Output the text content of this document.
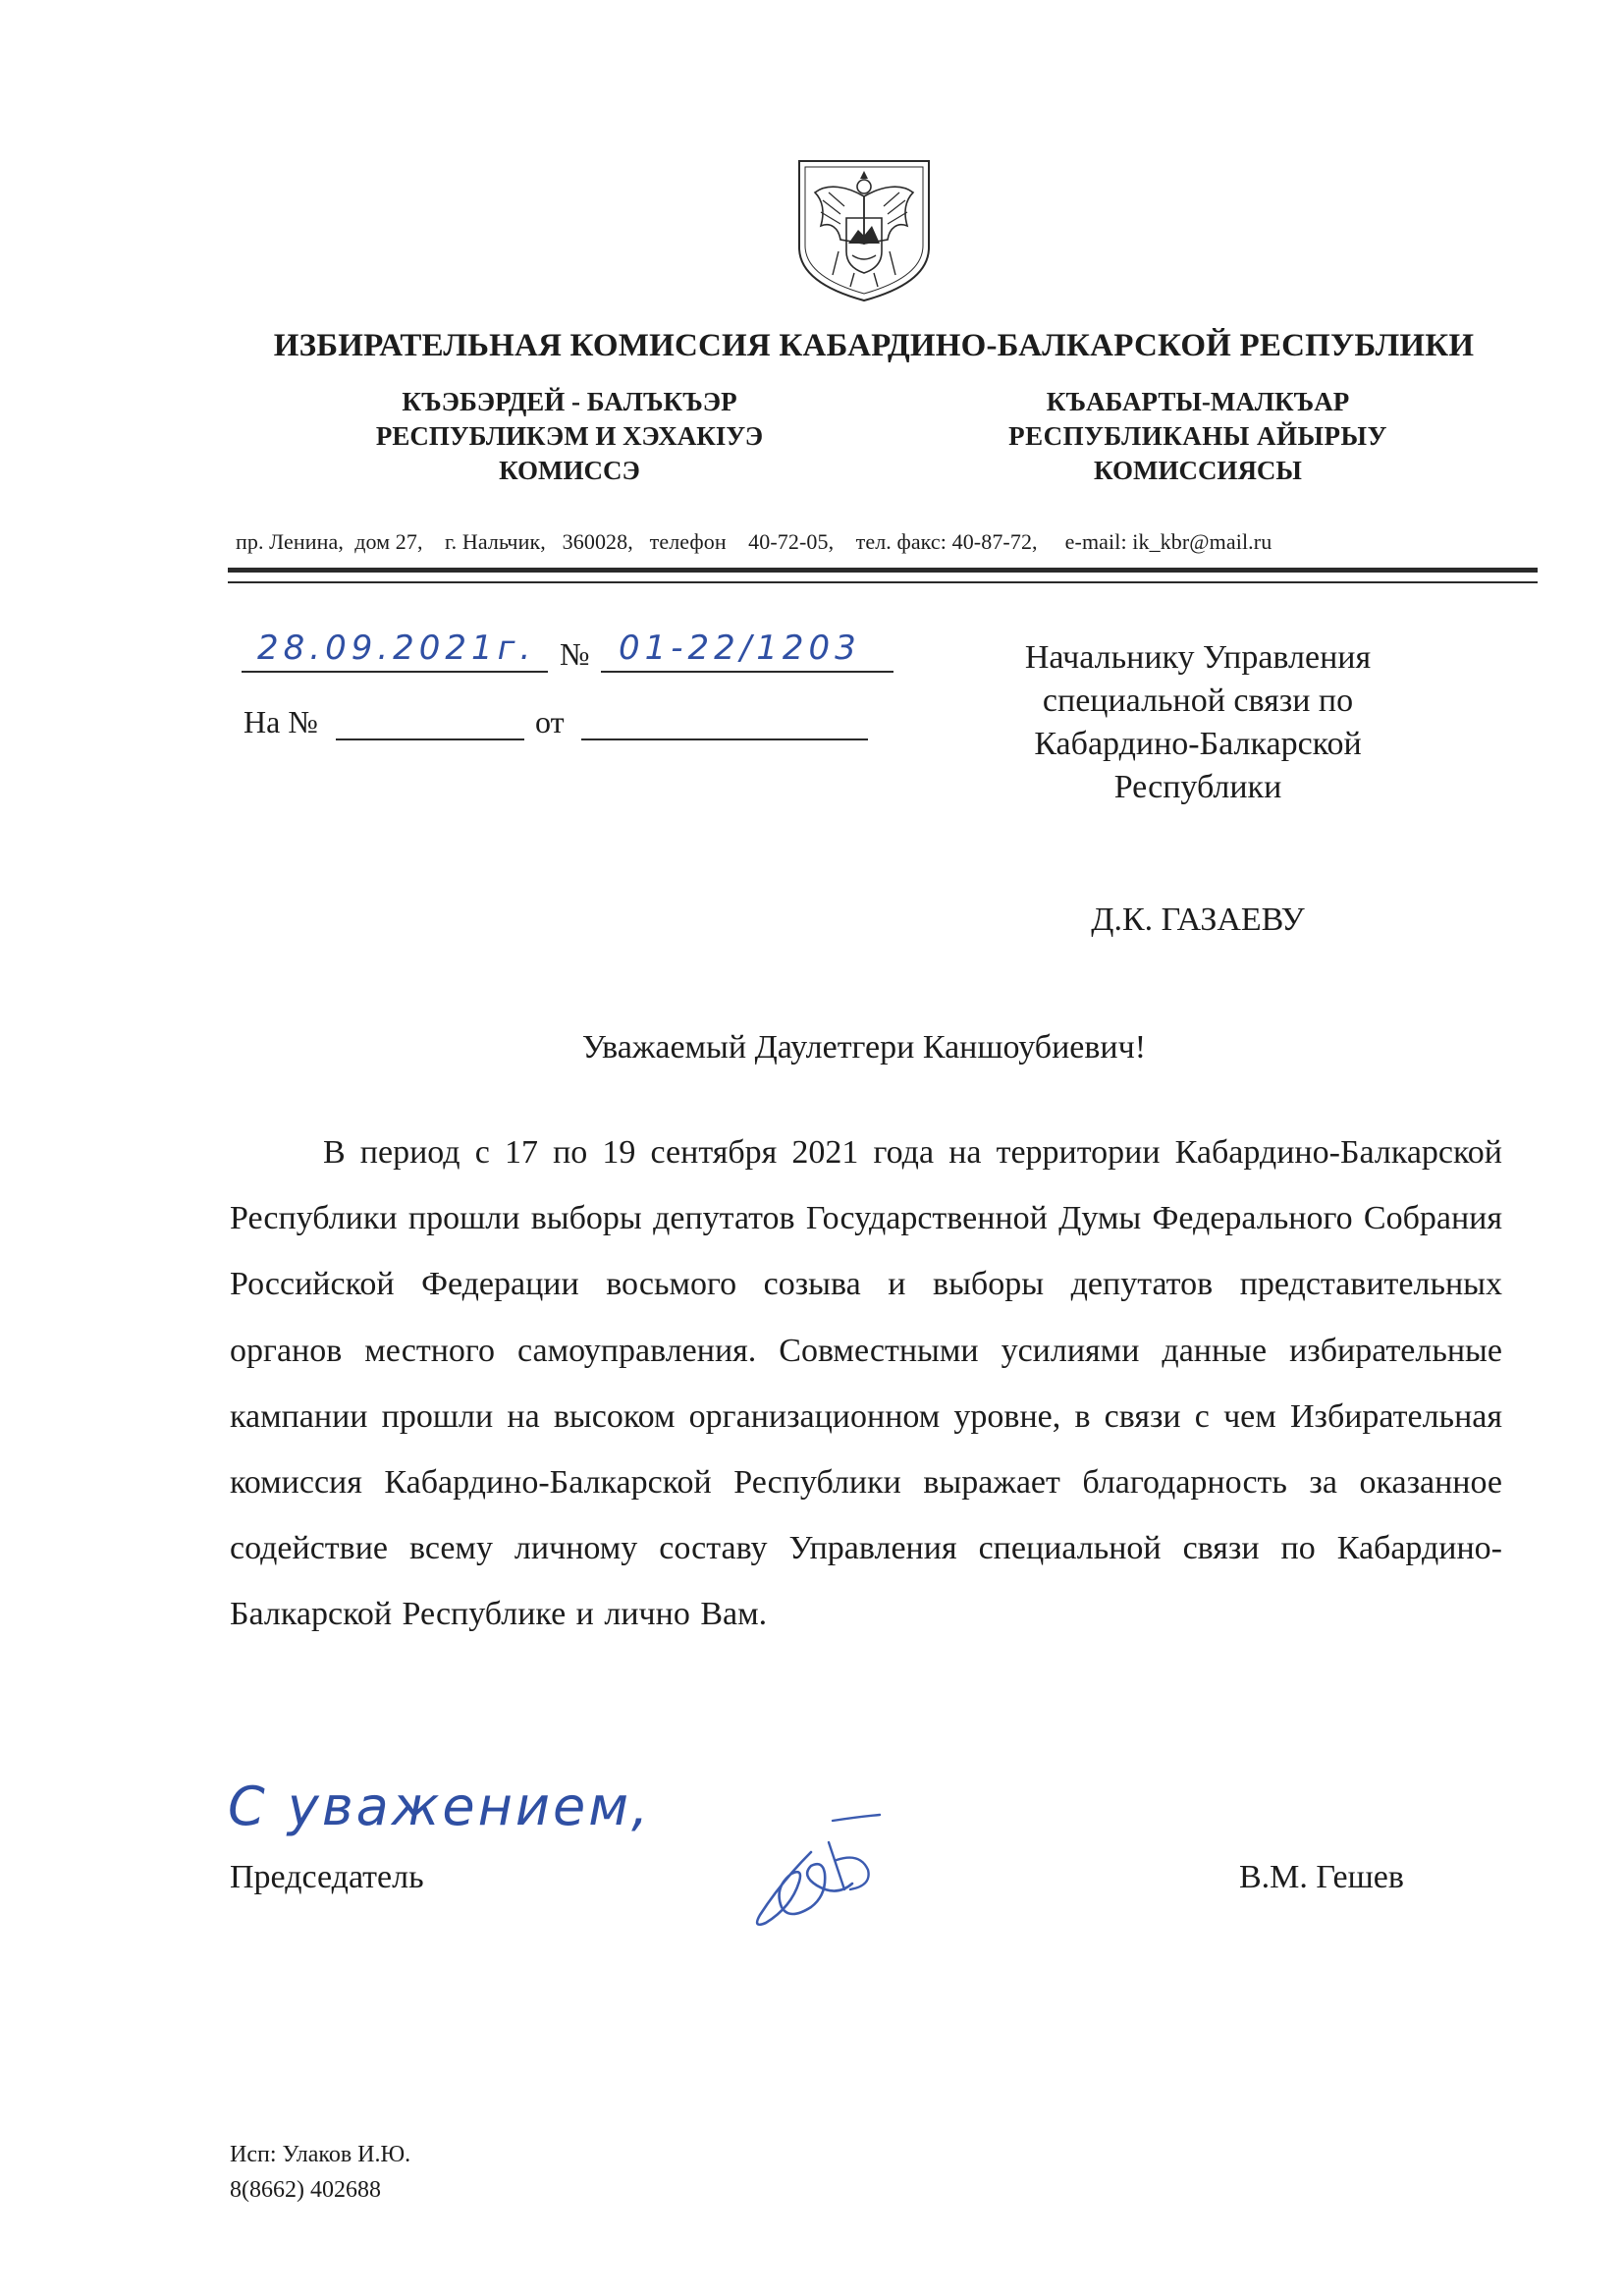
ИЗБИРАТЕЛЬНАЯ КОМИССИЯ КАБАРДИНО-БАЛКАРСКОЙ РЕСПУБЛИКИ
КЪЭБЭРДЕЙ - БАЛЪКЪЭР
РЕСПУБЛИКЭМ И ХЭХАКIУЭ
КОМИССЭ
КЪАБАРТЫ-МАЛКЪАР
РЕСПУБЛИКАНЫ АЙЫРЫУ
КОМИССИЯСЫ
пр. Ленина,  дом 27,    г. Нальчик,   360028,   телефон    40-72-05,    тел. факс: 40-87-72,     e-mail: ik_kbr@mail.ru
28.09.2021г. № 01-22/1203
На №	от
Начальнику Управления
специальной связи по
Кабардино-Балкарской
Республики
Д.К. ГАЗАЕВУ
Уважаемый Даулетгери Каншоубиевич!
В период с 17 по 19 сентября 2021 года на территории Кабардино-Балкарской Республики прошли выборы депутатов Государственной Думы Федерального Собрания Российской Федерации восьмого созыва и выборы депутатов представительных органов местного самоуправления. Совместными усилиями данные избирательные кампании прошли на высоком организационном уровне, в связи с чем Избирательная комиссия Кабардино-Балкарской Республики выражает благодарность за оказанное содействие всему личному составу Управления специальной связи по Кабардино-Балкарской Республике и лично Вам.
С уважением,
Председатель	В.М. Гешев
Исп: Улаков И.Ю.
8(8662) 402688
